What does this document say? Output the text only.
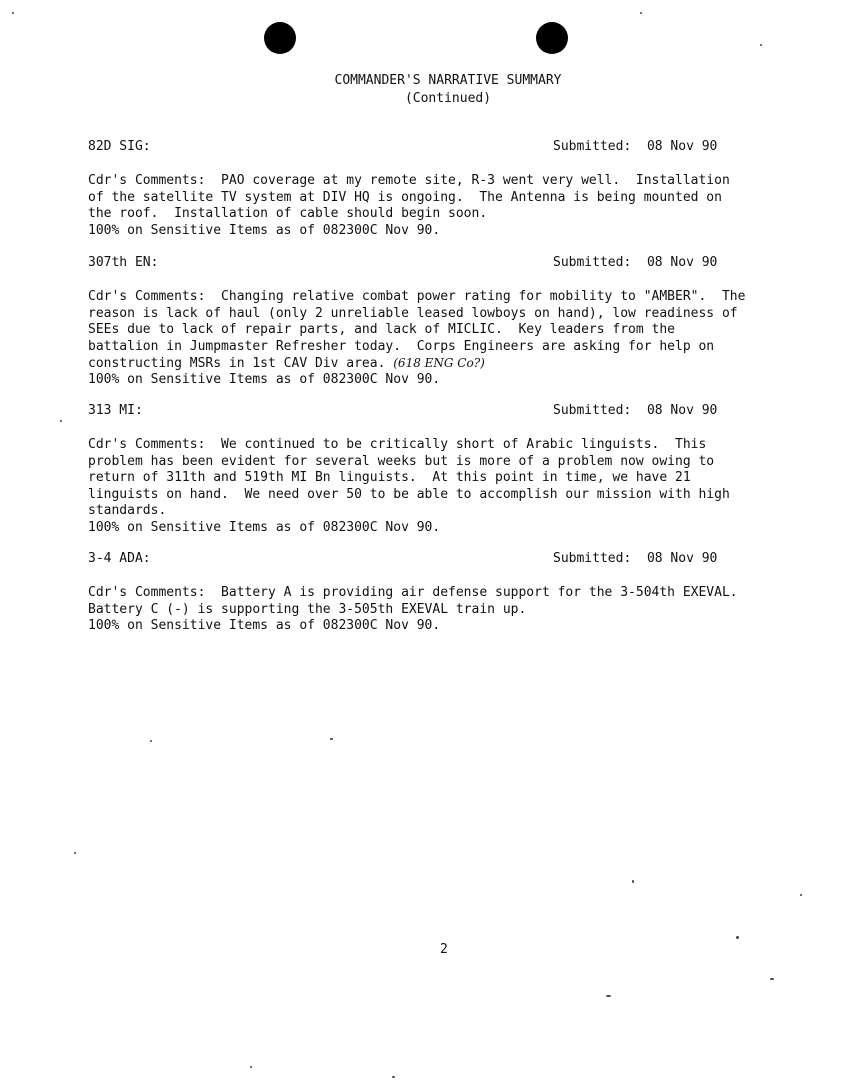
COMMANDER'S NARRATIVE SUMMARY
(Continued)
82D SIG:	Submitted: 08 Nov 90
Cdr's Comments:  PAO coverage at my remote site, R-3 went very well.  Installation
of the satellite TV system at DIV HQ is ongoing.  The Antenna is being mounted on
the roof.  Installation of cable should begin soon.
100% on Sensitive Items as of 082300C Nov 90.
307th EN:	Submitted: 08 Nov 90
Cdr's Comments:  Changing relative combat power rating for mobility to "AMBER".  The
reason is lack of haul (only 2 unreliable leased lowboys on hand), low readiness of
SEEs due to lack of repair parts, and lack of MICLIC.  Key leaders from the
battalion in Jumpmaster Refresher today.  Corps Engineers are asking for help on
constructing MSRs in 1st CAV Div area. (618 ENG Co?)
100% on Sensitive Items as of 082300C Nov 90.
313 MI:	Submitted: 08 Nov 90
Cdr's Comments:  We continued to be critically short of Arabic linguists.  This
problem has been evident for several weeks but is more of a problem now owing to
return of 311th and 519th MI Bn linguists.  At this point in time, we have 21
linguists on hand.  We need over 50 to be able to accomplish our mission with high
standards.
100% on Sensitive Items as of 082300C Nov 90.
3-4 ADA:	Submitted: 08 Nov 90
Cdr's Comments:  Battery A is providing air defense support for the 3-504th EXEVAL.
Battery C (-) is supporting the 3-505th EXEVAL train up.
100% on Sensitive Items as of 082300C Nov 90.
2
